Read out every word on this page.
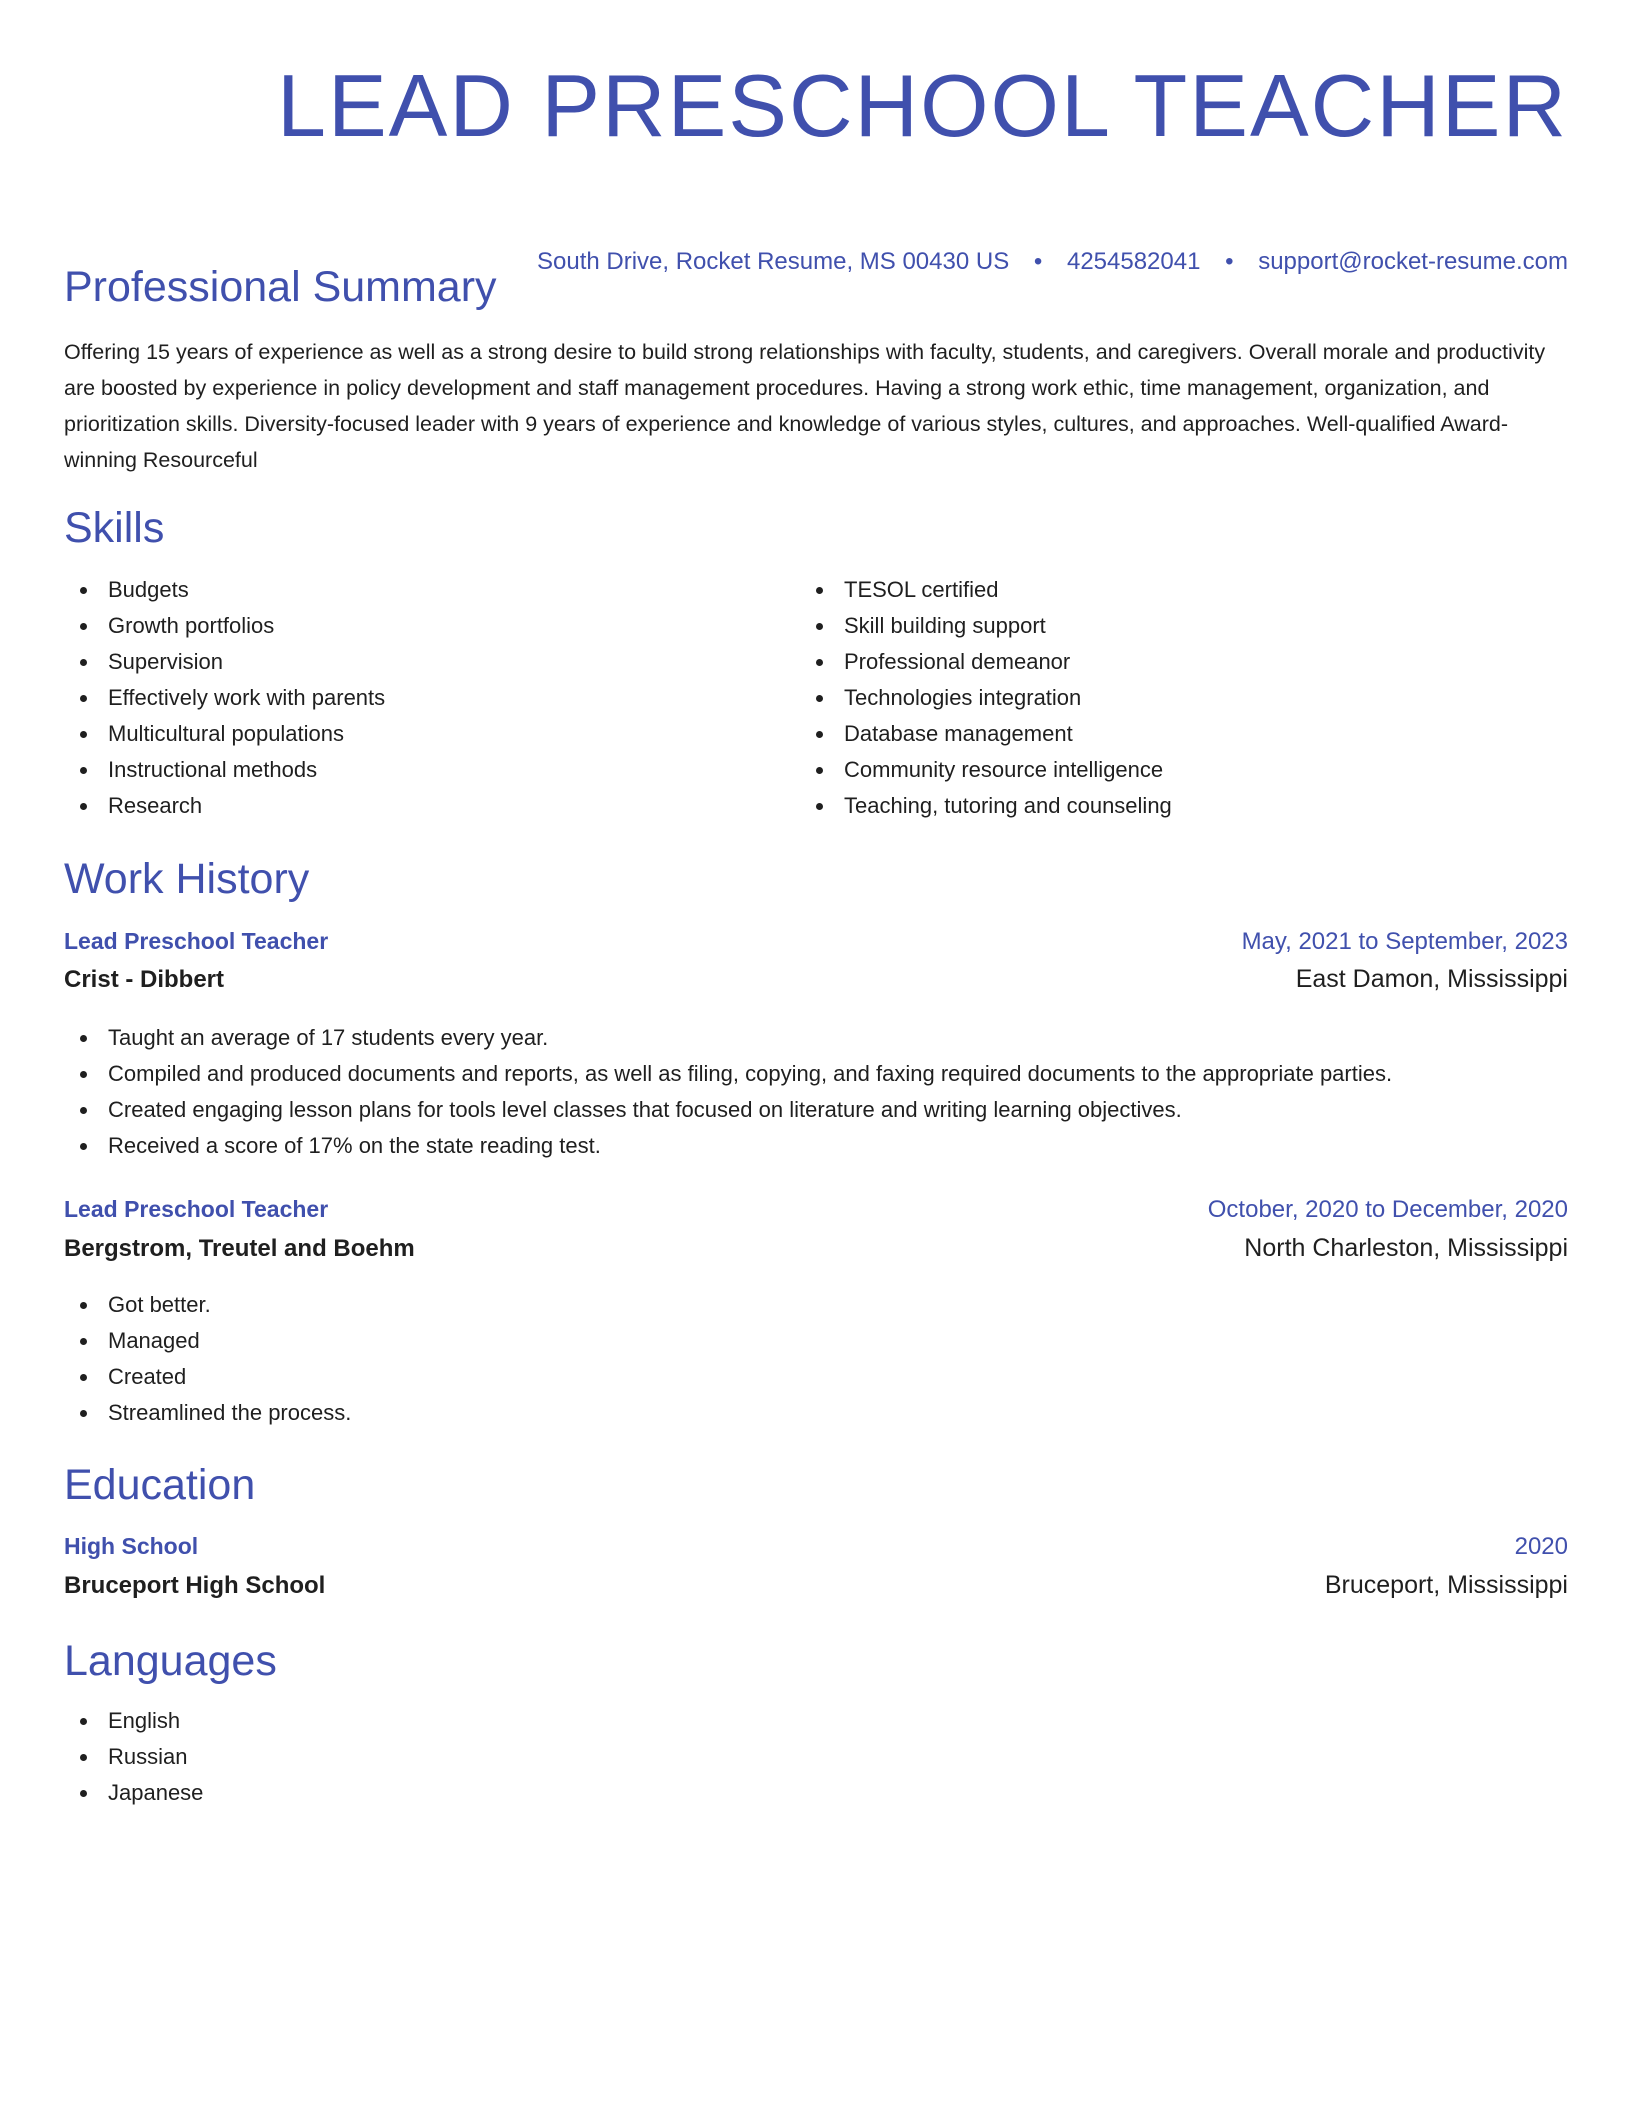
LEAD PRESCHOOL TEACHER
South Drive, Rocket Resume, MS 00430 US • 4254582041 • support@rocket-resume.com
Professional Summary

Offering 15 years of experience as well as a strong desire to build strong relationships with faculty, students, and caregivers. Overall morale and productivity are boosted by experience in policy development and staff management procedures. Having a strong work ethic, time management, organization, and prioritization skills. Diversity-focused leader with 9 years of experience and knowledge of various styles, cultures, and approaches. Well-qualified Award-winning Resourceful

Skills
Budgets
Growth portfolios
Supervision
Effectively work with parents
Multicultural populations
Instructional methods
Research
TESOL certified
Skill building support
Professional demeanor
Technologies integration
Database management
Community resource intelligence
Teaching, tutoring and counseling
Work History
Lead Preschool Teacher	May, 2021 to September, 2023
Crist - Dibbert	East Damon, Mississippi
Taught an average of 17 students every year.
Compiled and produced documents and reports, as well as filing, copying, and faxing required documents to the appropriate parties.
Created engaging lesson plans for tools level classes that focused on literature and writing learning objectives.
Received a score of 17% on the state reading test.
Lead Preschool Teacher	October, 2020 to December, 2020
Bergstrom, Treutel and Boehm	North Charleston, Mississippi
Got better.
Managed
Created
Streamlined the process.
Education
High School	2020
Bruceport High School	Bruceport, Mississippi
Languages
English
Russian
Japanese
